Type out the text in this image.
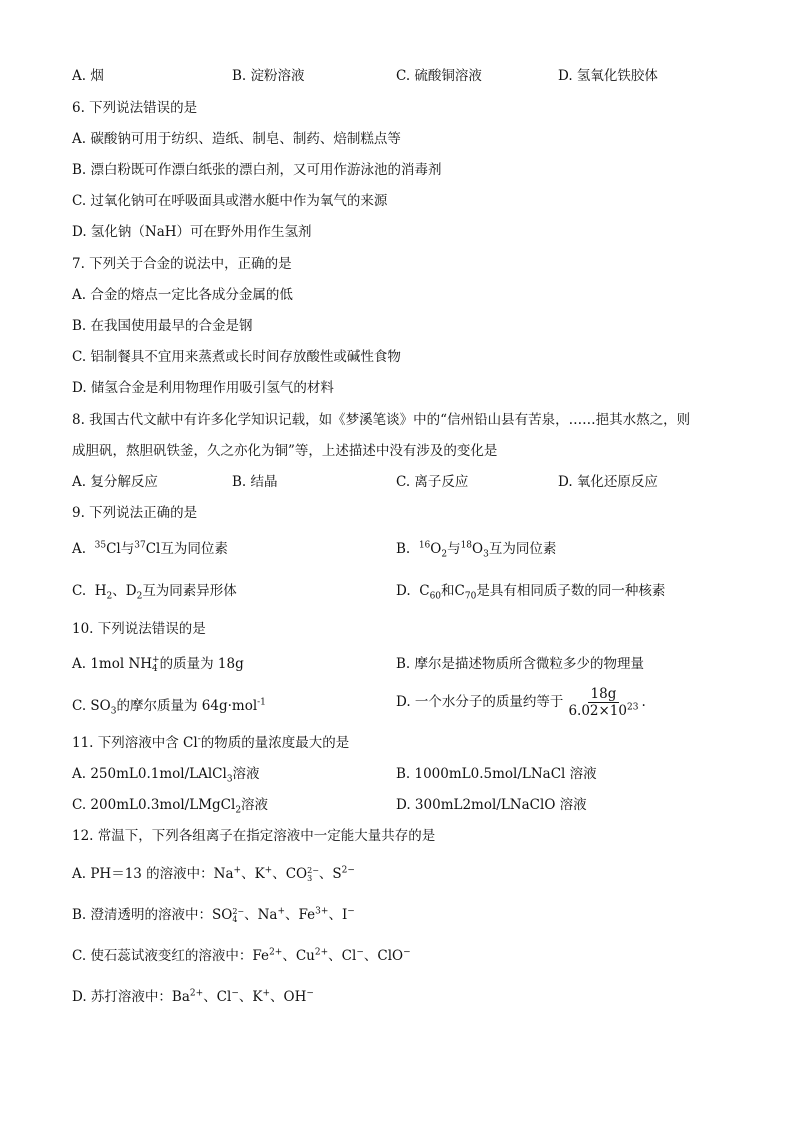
A. 烟	B. 淀粉溶液	C. 硫酸铜溶液	D. 氢氧化铁胶体
6. 下列说法错误的是
A. 碳酸钠可用于纺织、造纸、制皂、制药、焙制糕点等
B. 漂白粉既可作漂白纸张的漂白剂，又可用作游泳池的消毒剂
C. 过氧化钠可在呼吸面具或潜水艇中作为氧气的来源
D. 氢化钠（NaH）可在野外用作生氢剂
7. 下列关于合金的说法中，正确的是
A. 合金的熔点一定比各成分金属的低
B. 在我国使用最早的合金是钢
C. 铝制餐具不宜用来蒸煮或长时间存放酸性或碱性食物
D. 储氢合金是利用物理作用吸引氢气的材料
8. 我国古代文献中有许多化学知识记载，如《梦溪笔谈》中的“信州铅山县有苦泉，……挹其水熬之，则
成胆矾，熬胆矾铁釜，久之亦化为铜”等，上述描述中没有涉及的变化是
A. 复分解反应	B. 结晶	C. 离子反应	D. 氧化还原反应
9. 下列说法正确的是
A. $^{35}$Cl与$^{37}$Cl互为同位素	B. $^{16}O_2$与$^{18}O_3$互为同位素
C. $H_2$、$D_2$互为同素异形体	D. $C_{60}$和$C_{70}$是具有相同质子数的同一种核素
10. 下列说法错误的是
A. 1mol NH +
4 的质量为 18g	B. 摩尔是描述物质所含微粒多少的物理量
C. $SO_3$的摩尔质量为 64g·mol$^{-1}$	D. 一个水分子的质量约等于 $\frac{18g}{6.02\times 10^{23}}$ .
11. 下列溶液中含 Cl-的物质的量浓度最大的是
A. 250mL0.1mol/LAlCl$_3$溶液	B. 1000mL0.5mol/LNaCl 溶液
C. 200mL0.3mol/LMgCl$_2$溶液	D. 300mL2mol/LNaClO 溶液
12. 常温下，下列各组离子在指定溶液中一定能大量共存的是
A. PH＝13 的溶液中：Na+、K+、CO 2−
3 、$S^{2-}$
B. 澄清透明的溶液中：SO 2−
4 、Na+、$Fe^{3+}$、I−
C. 使石蕊试液变红的溶液中：$Fe^{2+}$、$Cu^{2+}$、Cl−、ClO−
D. 苏打溶液中：$Ba^{2+}$、Cl−、K+、OH−
